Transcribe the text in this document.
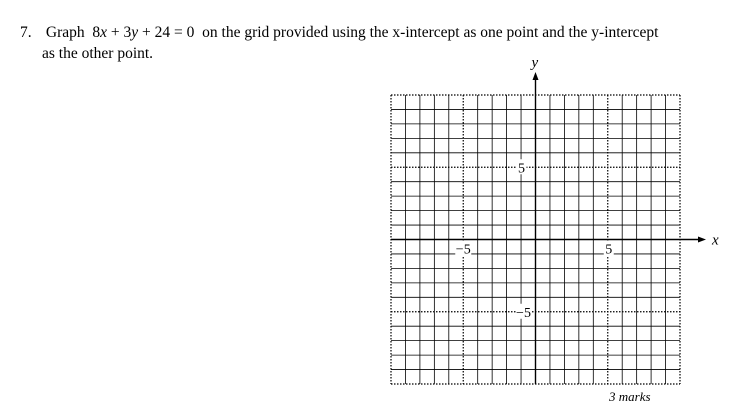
7. Graph 8x + 3y + 24 = 0 on the grid provided using the x-intercept as one point and the y-intercept
as the other point.
x
y
−5	5
5
−5
3 marks
